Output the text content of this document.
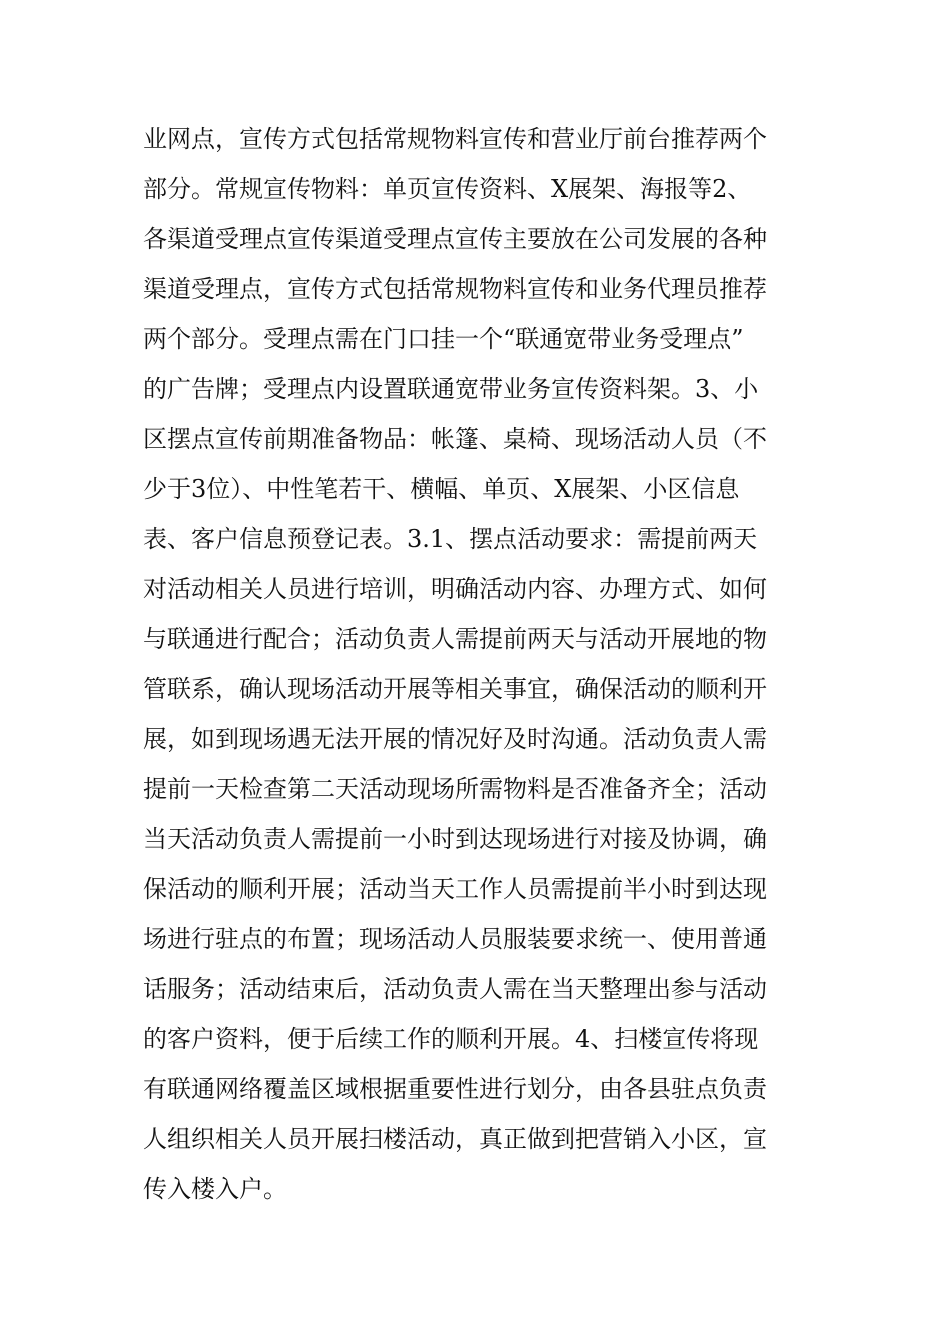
业网点，宣传方式包括常规物料宣传和营业厅前台推荐两个
部分。常规宣传物料：单页宣传资料、X展架、海报等2、
各渠道受理点宣传渠道受理点宣传主要放在公司发展的各种
渠道受理点，宣传方式包括常规物料宣传和业务代理员推荐
两个部分。受理点需在门口挂一个“联通宽带业务受理点”
的广告牌；受理点内设置联通宽带业务宣传资料架。3、小
区摆点宣传前期准备物品：帐篷、桌椅、现场活动人员（不
少于3位）、中性笔若干、横幅、单页、X展架、小区信息
表、客户信息预登记表。3.1、摆点活动要求：需提前两天
对活动相关人员进行培训，明确活动内容、办理方式、如何
与联通进行配合；活动负责人需提前两天与活动开展地的物
管联系，确认现场活动开展等相关事宜，确保活动的顺利开
展，如到现场遇无法开展的情况好及时沟通。活动负责人需
提前一天检查第二天活动现场所需物料是否准备齐全；活动
当天活动负责人需提前一小时到达现场进行对接及协调，确
保活动的顺利开展；活动当天工作人员需提前半小时到达现
场进行驻点的布置；现场活动人员服装要求统一、使用普通
话服务；活动结束后，活动负责人需在当天整理出参与活动
的客户资料，便于后续工作的顺利开展。4、扫楼宣传将现
有联通网络覆盖区域根据重要性进行划分，由各县驻点负责
人组织相关人员开展扫楼活动，真正做到把营销入小区，宣
传入楼入户。
